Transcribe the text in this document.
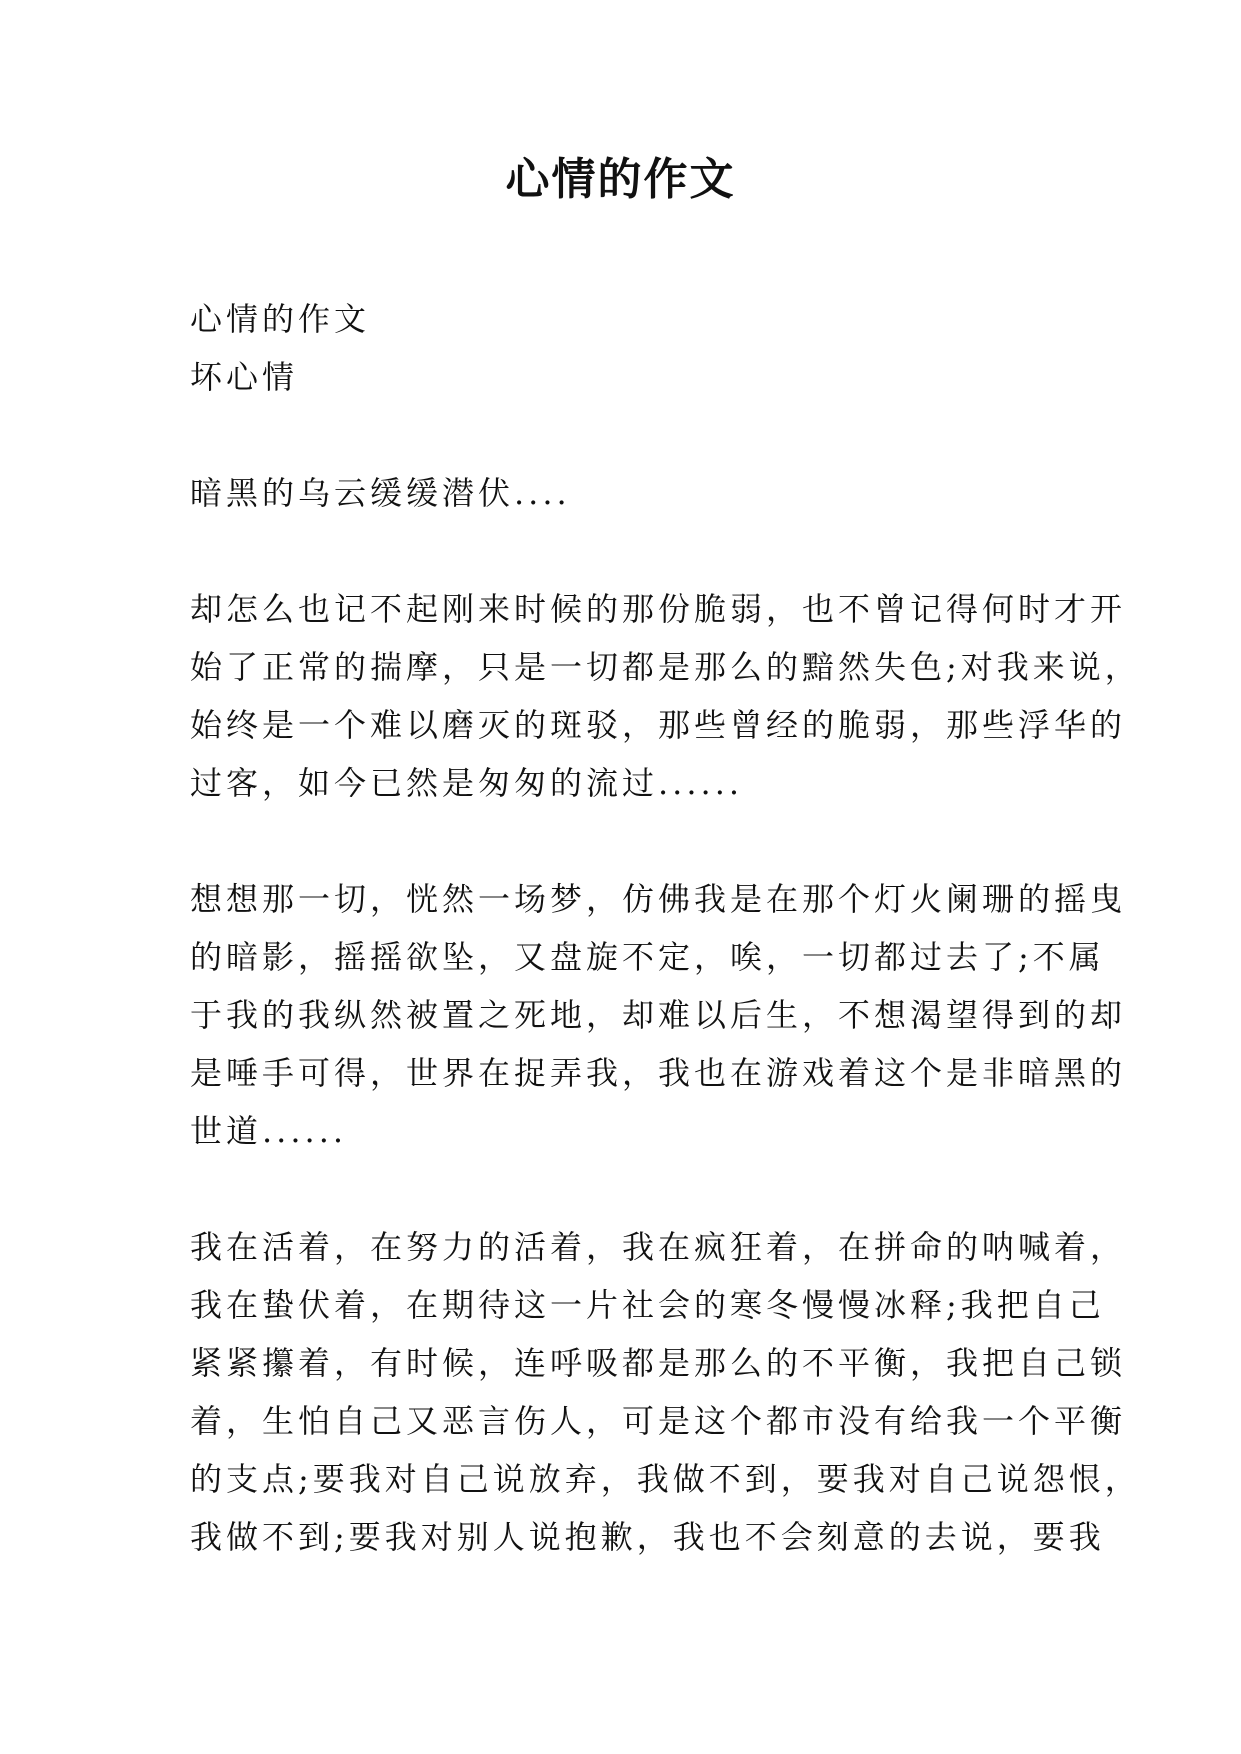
心情的作文
心情的作文
坏心情
暗黑的乌云缓缓潜伏....
却怎么也记不起刚来时候的那份脆弱，也不曾记得何时才开
始了正常的揣摩，只是一切都是那么的黯然失色;对我来说，
始终是一个难以磨灭的斑驳，那些曾经的脆弱，那些浮华的
过客，如今已然是匆匆的流过......
想想那一切，恍然一场梦，仿佛我是在那个灯火阑珊的摇曳
的暗影，摇摇欲坠，又盘旋不定，唉，一切都过去了;不属
于我的我纵然被置之死地，却难以后生，不想渴望得到的却
是唾手可得，世界在捉弄我，我也在游戏着这个是非暗黑的
世道......
我在活着，在努力的活着，我在疯狂着，在拼命的呐喊着，
我在蛰伏着，在期待这一片社会的寒冬慢慢冰释;我把自己
紧紧攥着，有时候，连呼吸都是那么的不平衡，我把自己锁
着，生怕自己又恶言伤人，可是这个都市没有给我一个平衡
的支点;要我对自己说放弃，我做不到，要我对自己说怨恨，
我做不到;要我对别人说抱歉，我也不会刻意的去说，要我
